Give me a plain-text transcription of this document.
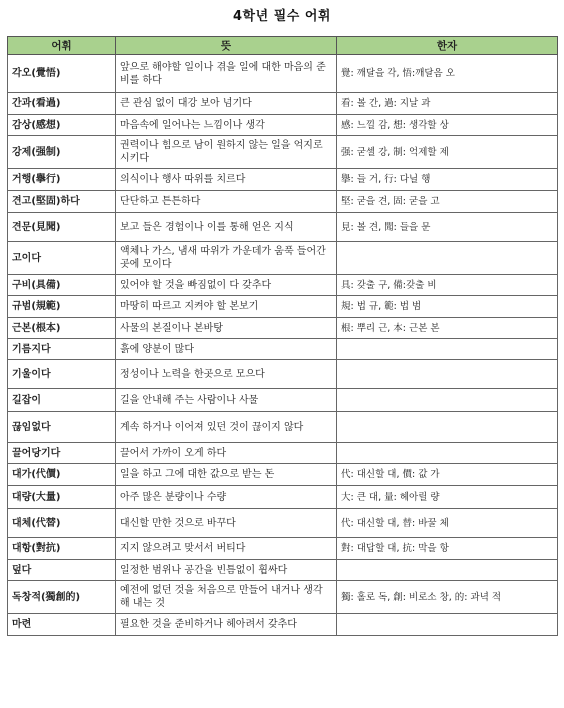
4학년 필수 어휘
어휘	뜻	한자
각오(覺悟)	앞으로 해야할 일이나 겪을 일에 대한 마음의 준비를 하다	覺: 깨달을 각, 悟:깨달음 오
간과(看過)	큰 관심 없이 대강 보아 넘기다	看: 볼 간, 過: 지날 과
감상(感想)	마음속에 일어나는 느낌이나 생각	感: 느낄 감, 想: 생각할 상
강제(强制)	권력이나 힘으로 남이 원하지 않는 일을 억지로 시키다	强: 굳셀 강, 制: 억제할 제
거행(擧行)	의식이나 행사 따위를 치르다	擧: 들 거, 行: 다닐 행
견고(堅固)하다	단단하고 튼튼하다	堅: 굳을 견, 固: 굳을 고
견문(見聞)	보고 들은 경험이나 이를 통해 얻은 지식	見: 볼 견, 聞: 들을 문
고이다	액체나 가스, 냄새 따위가 가운데가 움푹 들어간 곳에 모이다	
구비(具備)	있어야 할 것을 빠짐없이 다 갖추다	具: 갖출 구, 備:갖출 비
규범(規範)	마땅히 따르고 지켜야 할 본보기	規: 법 규, 範: 법 범
근본(根本)	사물의 본질이나 본바탕	根: 뿌리 근, 本: 근본 본
기름지다	흙에 양분이 많다	
기울이다	정성이나 노력을 한곳으로 모으다	
길잡이	길을 안내해 주는 사람이나 사물	
끊임없다	계속 하거나 이어져 있던 것이 끊이지 않다	
끌어당기다	끌어서 가까이 오게 하다	
대가(代價)	일을 하고 그에 대한 값으로 받는 돈	代: 대신할 대, 價: 값 가
대량(大量)	아주 많은 분량이나 수량	大: 큰 대, 量: 헤아릴 량
대체(代替)	대신할 만한 것으로 바꾸다	代: 대신할 대, 替: 바꿀 체
대항(對抗)	지지 않으려고 맞서서 버티다	對: 대답할 대, 抗: 막을 항
덮다	일정한 범위나 공간을 빈틈없이 휩싸다	
독창적(獨創的)	예전에 없던 것을 처음으로 만들어 내거나 생각해 내는 것	獨: 홀로 독, 創: 비로소 창, 的: 과녁 적
마련	필요한 것을 준비하거나 헤아려서 갖추다	
